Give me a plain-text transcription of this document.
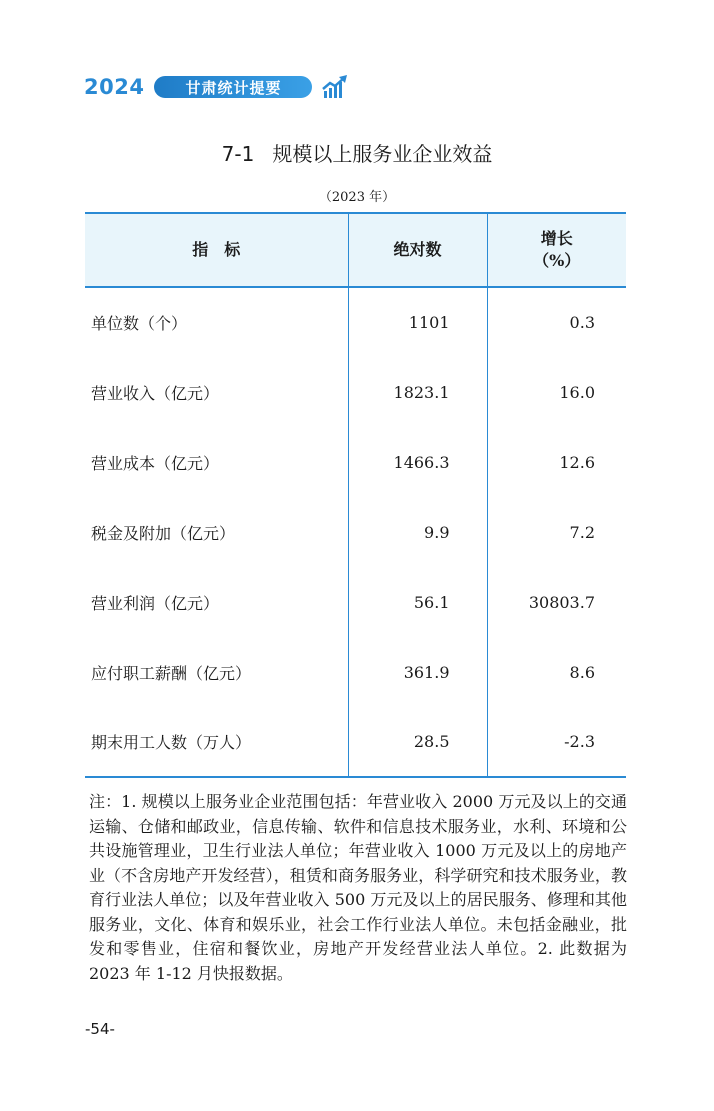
2024	甘肃统计提要
7-1 规模以上服务业企业效益
（2023 年）
指　标	绝对数	增长
（%）

单位数（个）	1101	0.3
营业收入（亿元）	1823.1	16.0
营业成本（亿元）	1466.3	12.6
税金及附加（亿元）	9.9	7.2
营业利润（亿元）	56.1	30803.7
应付职工薪酬（亿元）	361.9	8.6
期末用工人数（万人）	28.5	-2.3
注：1. 规模以上服务业企业范围包括：年营业收入 2000 万元及以上的交通运输、仓储和邮政业，信息传输、软件和信息技术服务业，水利、环境和公共设施管理业，卫生行业法人单位；年营业收入 1000 万元及以上的房地产业（不含房地产开发经营），租赁和商务服务业，科学研究和技术服务业，教育行业法人单位；以及年营业收入 500 万元及以上的居民服务、修理和其他服务业，文化、体育和娱乐业，社会工作行业法人单位。未包括金融业，批发和零售业，住宿和餐饮业，房地产开发经营业法人单位。2. 此数据为 2023 年 1-12 月快报数据。
-54-
